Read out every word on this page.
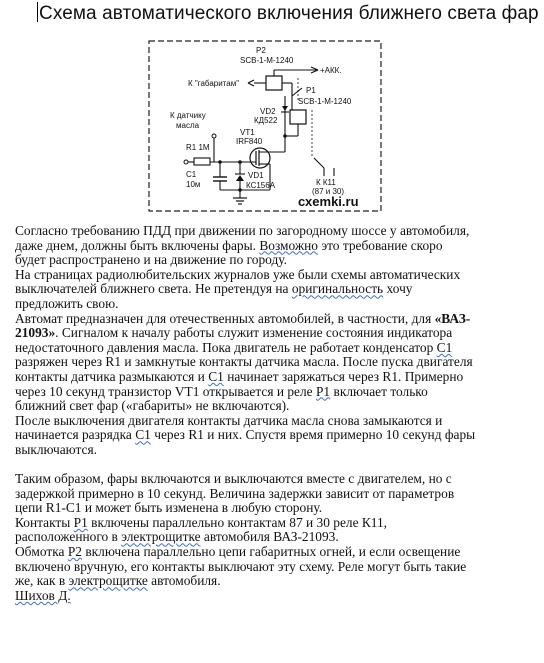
Схема автоматического включения ближнего света фар
P2
SCB-1-M-1240
К "габаритам"
+АКК.
P1
SCB-1-M-1240
К К11
(87 и 30)
VD2
КД522
К датчику
масла
VT1
IRF840
R1 1M
C1
10м
VD1
КС156А
схemki.ru

Согласно требованию ПДД при движении по загородному шоссе у автомобиля,

даже днем, должны быть включены фары. Возможно это требование скоро

будет распространено и на движение по городу.

На страницах радиолюбительских журналов уже были схемы автоматических

выключателей ближнего света. Не претендуя на оригинальность хочу

предложить свою.

Автомат предназначен для отечественных автомобилей, в частности, для «ВАЗ-

21093». Сигналом к началу работы служит изменение состояния индикатора

недостаточного давления масла. Пока двигатель не работает конденсатор С1

разряжен через R1 и замкнутые контакты датчика масла. После пуска двигателя

контакты датчика размыкаются и С1 начинает заряжаться через R1. Примерно

через 10 секунд транзистор VT1 открывается и реле Р1 включает только

ближний свет фар («габариты» не включаются).

После выключения двигателя контакты датчика масла снова замыкаются и

начинается разрядка С1 через R1 и них. Спустя время примерно 10 секунд фары

выключаются.

Таким образом, фары включаются и выключаются вместе с двигателем, но с

задержкой примерно в 10 секунд. Величина задержки зависит от параметров

цепи R1-С1 и может быть изменена в любую сторону.

Контакты Р1 включены параллельно контактам 87 и 30 реле К11,

расположенного в электрощитке автомобиля ВАЗ-21093.

Обмотка Р2 включена параллельно цепи габаритных огней, и если освещение

включено вручную, его контакты выключают эту схему. Реле могут быть такие

же, как в электрощитке автомобиля.

Шихов Д.
